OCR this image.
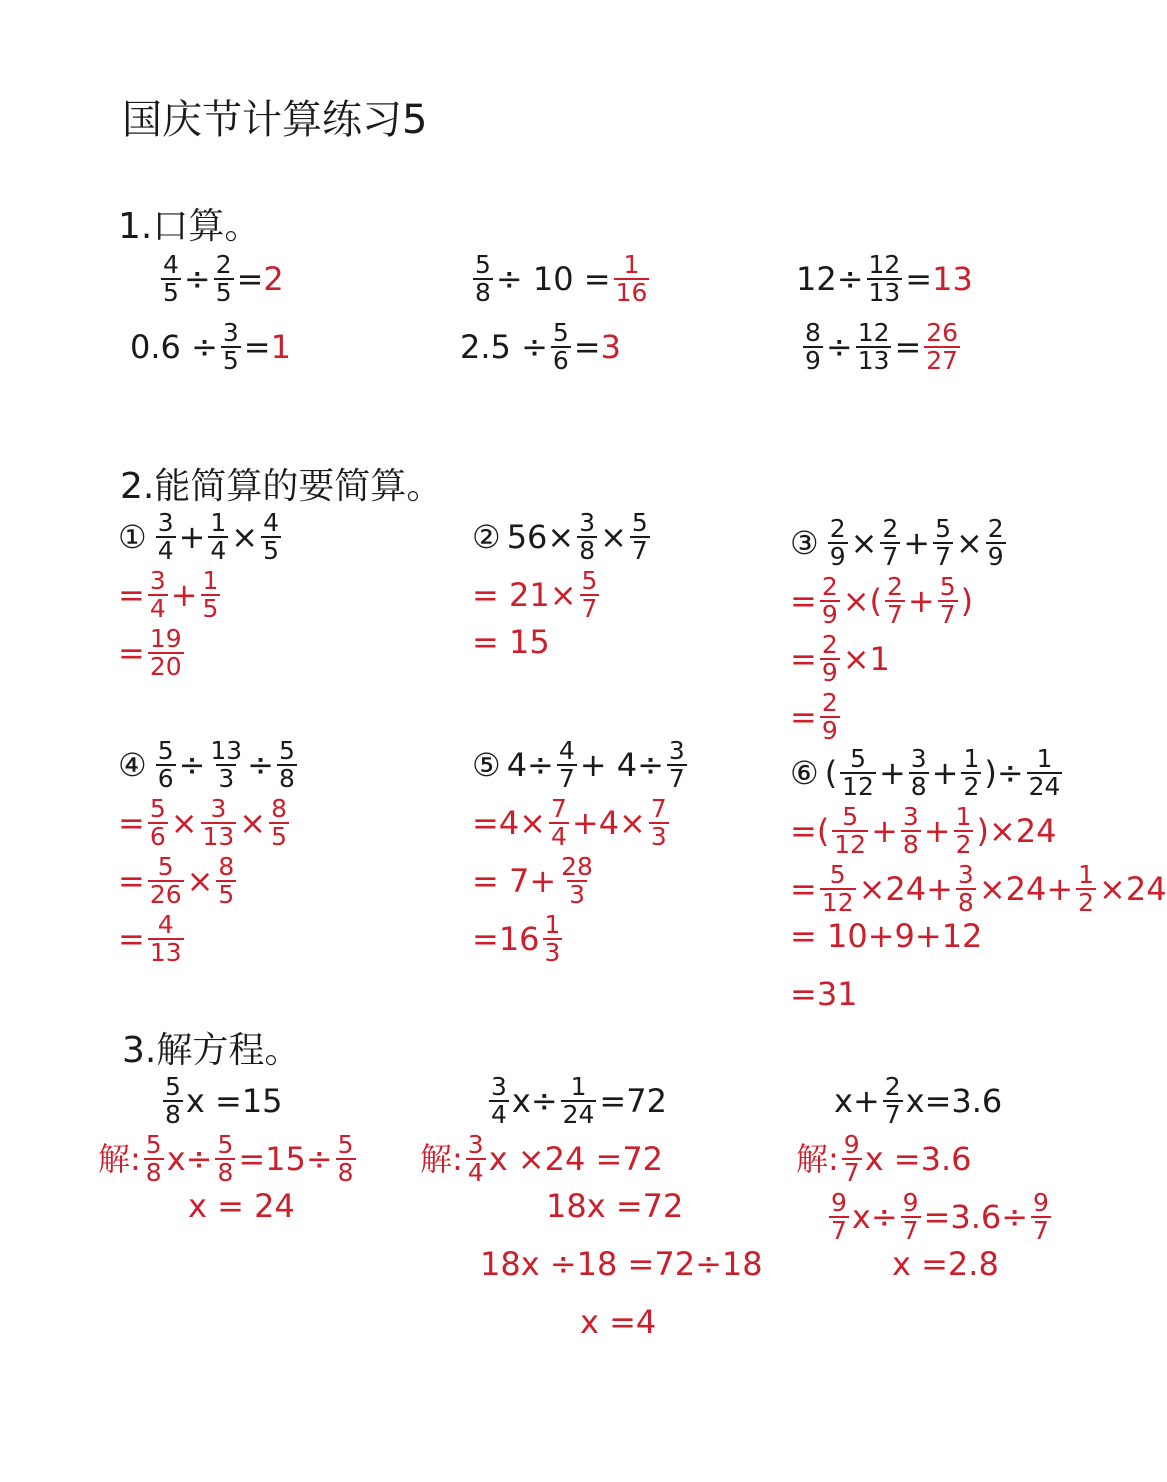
国庆节计算练习5
1.口算。
2.能简算的要简算。
3.解方程。
$\frac{4}{5} \div \frac{2}{5} = 2$	$\frac{5}{8} \div 10 = \frac{1}{16}$	$12\div \frac{12}{13} = 13$
$0.6 \div \frac{3}{5} = 1$	$2.5 \div \frac{5}{6} = 3$	$\frac{8}{9} \div \frac{12}{13} = \frac{26}{27}$
① $\frac{3}{4} + \frac{1}{4} \times \frac{4}{5}$
= $\frac{3}{4} + \frac{1}{5}$
= $\frac{19}{20}$
② $56\times \frac{3}{8} \times \frac{5}{7}$
= $21\times \frac{5}{7}$
= 15
③ $\frac{2}{9} \times \frac{2}{7} + \frac{5}{7} \times \frac{2}{9}$
= $\frac{2}{9}$ ×( $\frac{2}{7} + \frac{5}{7}$ )
= $\frac{2}{9} \times 1$
= $\frac{2}{9}$
④ $\frac{5}{6} \div \frac{13}{3} \div \frac{5}{8}$
= $\frac{5}{6} \times \frac{3}{13} \times \frac{8}{5}$
= $\frac{5}{26} \times \frac{8}{5}$
= $\frac{4}{13}$
⑤ $4\div \frac{4}{7} + 4\div \frac{3}{7}$
$=4\times \frac{7}{4} +4\times \frac{7}{3}$
= $7+ \frac{28}{3}$
$=16 \frac{1}{3}$
⑥ ( $\frac{5}{12} + \frac{3}{8} + \frac{1}{2}$ )÷ $\frac{1}{24}$
=( $\frac{5}{12} + \frac{3}{8} + \frac{1}{2} )\times 24$
= $\frac{5}{12} \times 24+ \frac{3}{8} \times 24+ \frac{1}{2} \times 24$
= 10+9+12
=31
$\frac{5}{8}$ x =15
解: $\frac{5}{8} x\div \frac{5}{8} =15\div \frac{5}{8}$
x = 24
$\frac{3}{4} x\div \frac{1}{24} =72$
解: $\frac{3}{4}$ x ×24 =72
18x =72
18x ÷18 =72÷18
x =4
$x+ \frac{2}{7} x=3.6$
解: $\frac{9}{7}$ x =3.6
$\frac{9}{7} x\div \frac{9}{7} =3.6\div \frac{9}{7}$
x =2.8
